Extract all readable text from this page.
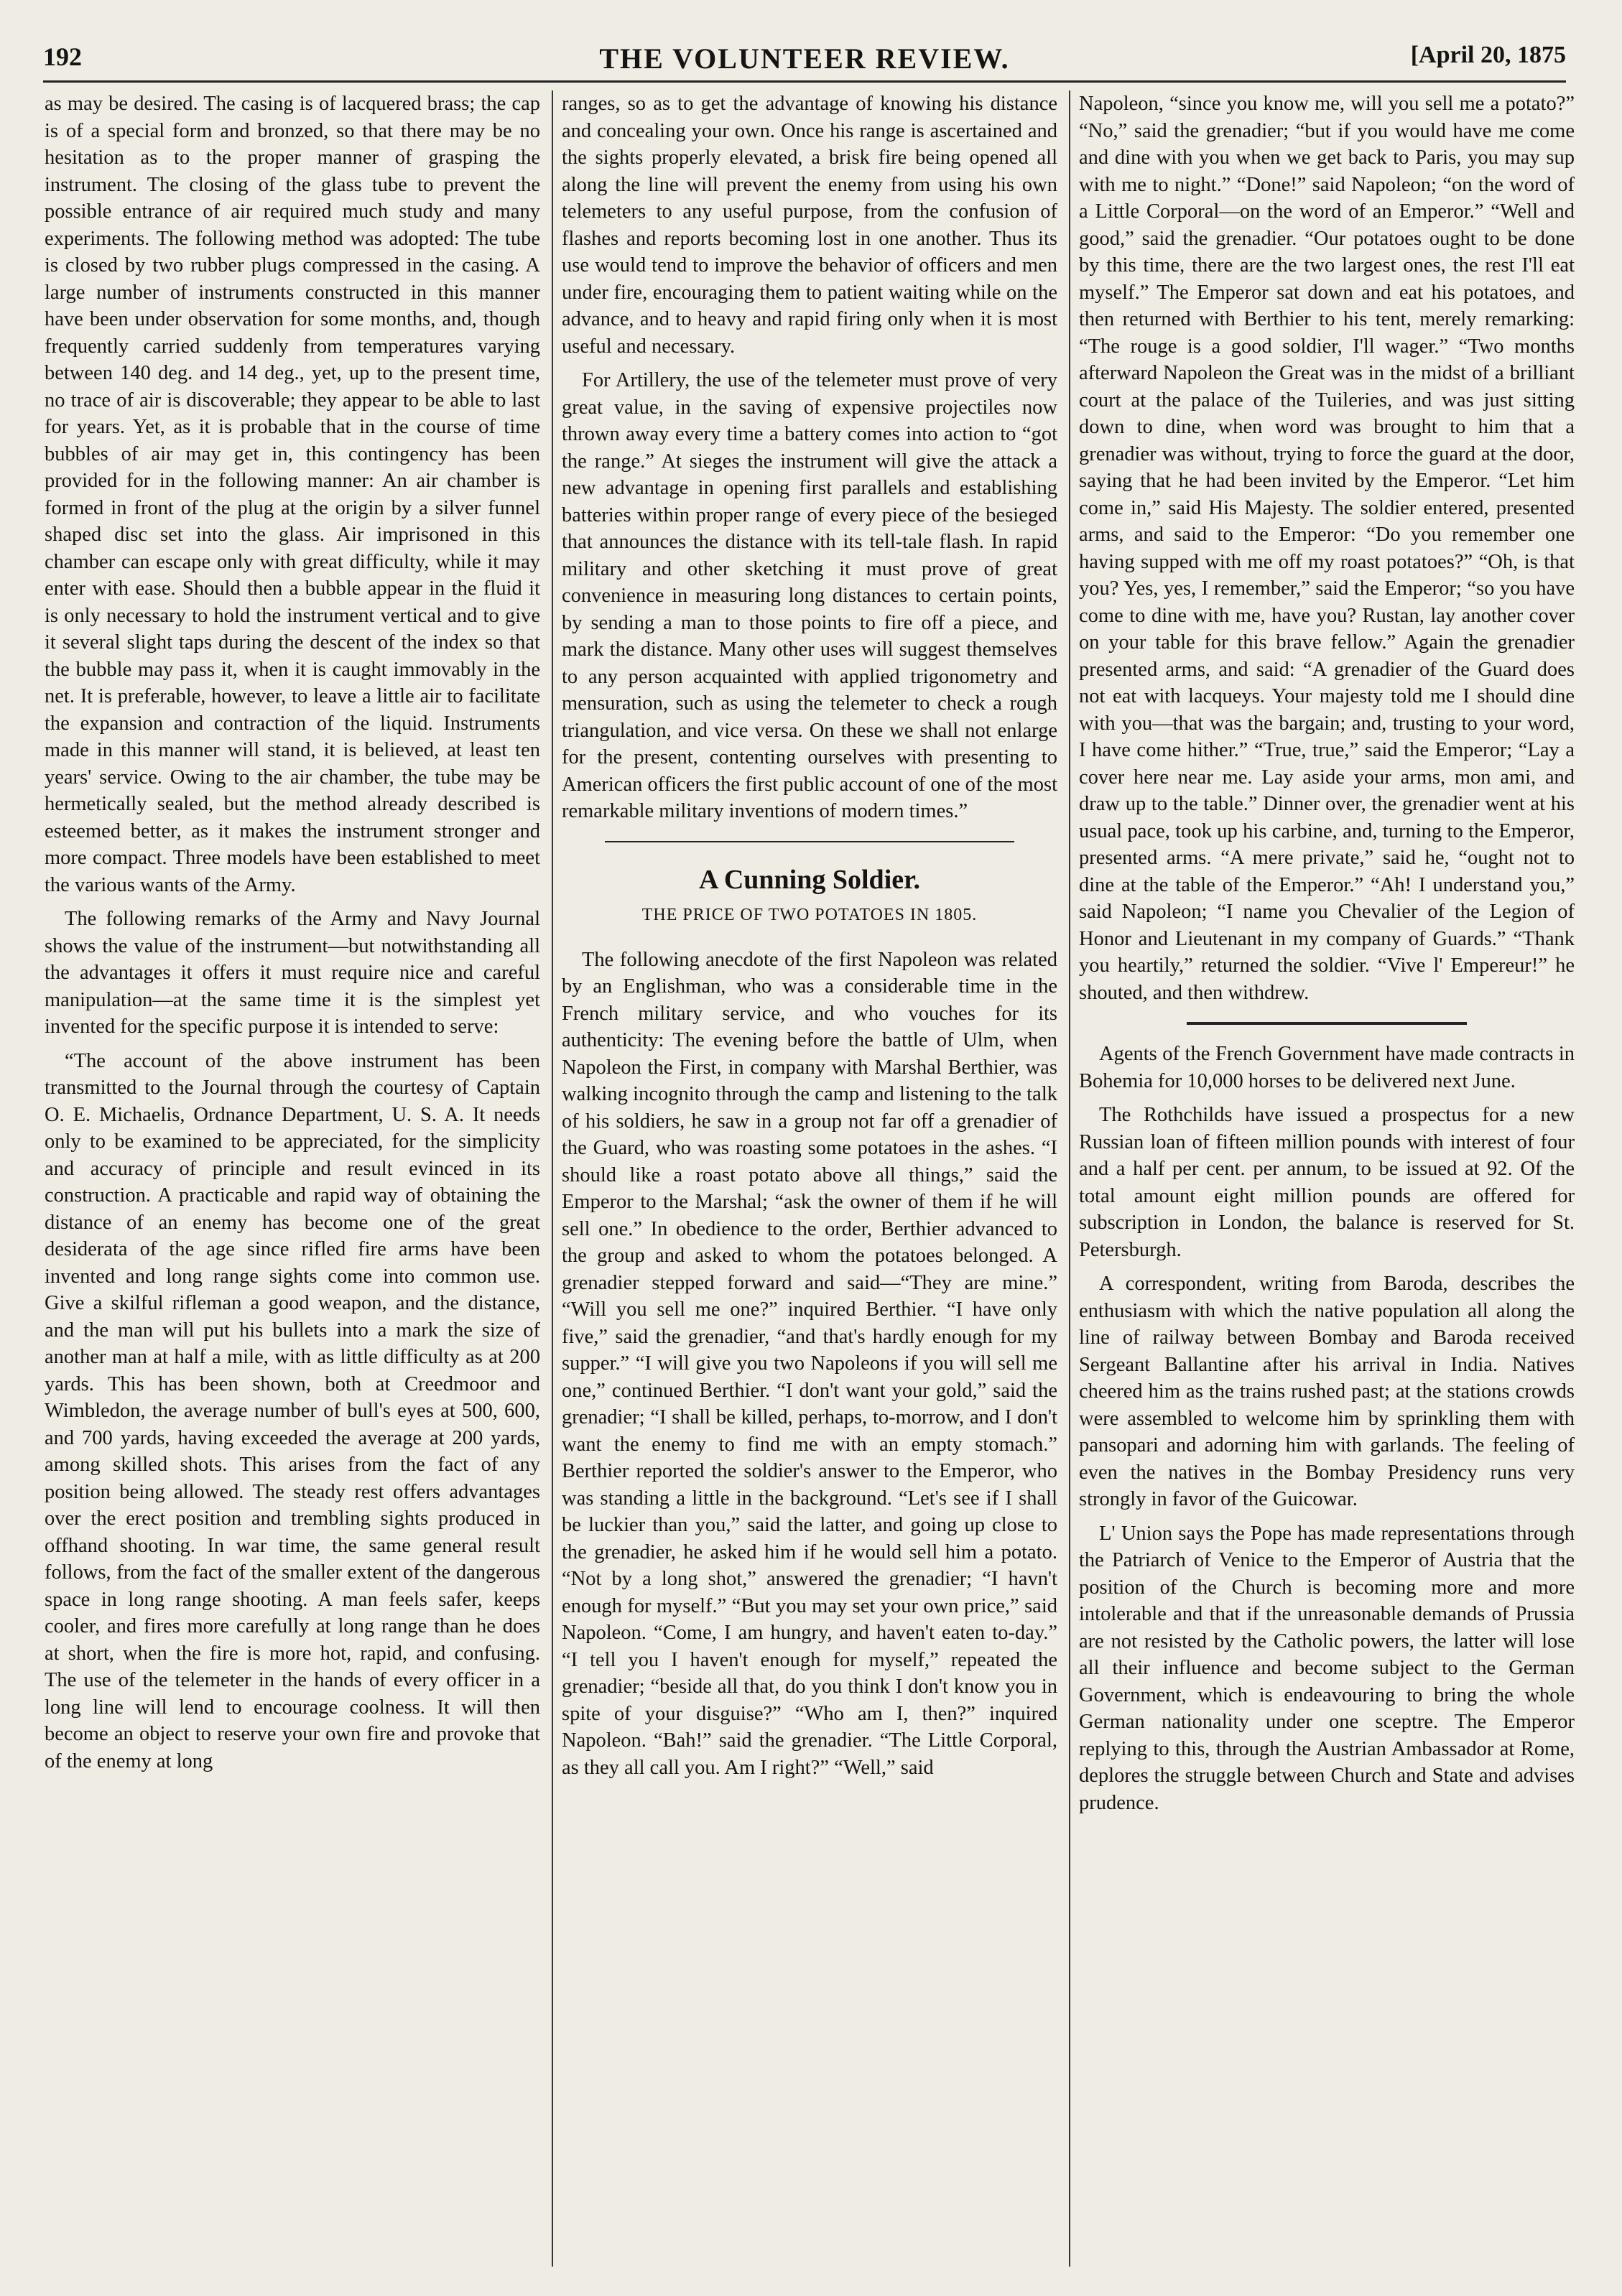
192	THE VOLUNTEER REVIEW.	[April 20, 1875

as may be desired. The casing is of lacquered brass; the cap is of a special form and bronzed, so that there may be no hesitation as to the proper manner of grasping the instrument. The closing of the glass tube to prevent the possible entrance of air required much study and many experiments. The following method was adopted: The tube is closed by two rubber plugs compressed in the casing. A large number of instruments constructed in this manner have been under observation for some months, and, though frequently carried suddenly from temperatures varying between 140 deg. and 14 deg., yet, up to the present time, no trace of air is discoverable; they appear to be able to last for years. Yet, as it is probable that in the course of time bubbles of air may get in, this contingency has been provided for in the following manner: An air chamber is formed in front of the plug at the origin by a silver funnel shaped disc set into the glass. Air imprisoned in this chamber can escape only with great difficulty, while it may enter with ease. Should then a bubble appear in the fluid it is only necessary to hold the instrument vertical and to give it several slight taps during the descent of the index so that the bubble may pass it, when it is caught immovably in the net. It is preferable, however, to leave a little air to facilitate the expansion and contraction of the liquid. Instruments made in this manner will stand, it is believed, at least ten years' service. Owing to the air chamber, the tube may be hermetically sealed, but the method already described is esteemed better, as it makes the instrument stronger and more compact. Three models have been established to meet the various wants of the Army.

The following remarks of the Army and Navy Journal shows the value of the instrument—but notwithstanding all the advantages it offers it must require nice and careful manipulation—at the same time it is the simplest yet invented for the specific purpose it is intended to serve:

“The account of the above instrument has been transmitted to the Journal through the courtesy of Captain O. E. Michaelis, Ordnance Department, U. S. A. It needs only to be examined to be appreciated, for the simplicity and accuracy of principle and result evinced in its construction. A practicable and rapid way of obtaining the distance of an enemy has become one of the great desiderata of the age since rifled fire arms have been invented and long range sights come into common use. Give a skilful rifleman a good weapon, and the distance, and the man will put his bullets into a mark the size of another man at half a mile, with as little difficulty as at 200 yards. This has been shown, both at Creedmoor and Wimbledon, the average number of bull's eyes at 500, 600, and 700 yards, having exceeded the average at 200 yards, among skilled shots. This arises from the fact of any position being allowed. The steady rest offers advantages over the erect position and trembling sights produced in offhand shooting. In war time, the same general result follows, from the fact of the smaller extent of the dangerous space in long range shooting. A man feels safer, keeps cooler, and fires more carefully at long range than he does at short, when the fire is more hot, rapid, and confusing. The use of the telemeter in the hands of every officer in a long line will lend to encourage coolness. It will then become an object to reserve your own fire and provoke that of the enemy at long

ranges, so as to get the advantage of knowing his distance and concealing your own. Once his range is ascertained and the sights properly elevated, a brisk fire being opened all along the line will prevent the enemy from using his own telemeters to any useful purpose, from the confusion of flashes and reports becoming lost in one another. Thus its use would tend to improve the behavior of officers and men under fire, encouraging them to patient waiting while on the advance, and to heavy and rapid firing only when it is most useful and necessary.

For Artillery, the use of the telemeter must prove of very great value, in the saving of expensive projectiles now thrown away every time a battery comes into action to “got the range.” At sieges the instrument will give the attack a new advantage in opening first parallels and establishing batteries within proper range of every piece of the besieged that announces the distance with its tell-tale flash. In rapid military and other sketching it must prove of great convenience in measuring long distances to certain points, by sending a man to those points to fire off a piece, and mark the distance. Many other uses will suggest themselves to any person acquainted with applied trigonometry and mensuration, such as using the telemeter to check a rough triangulation, and vice versa. On these we shall not enlarge for the present, contenting ourselves with presenting to American officers the first public account of one of the most remarkable military inventions of modern times.”

A Cunning Soldier.
THE PRICE OF TWO POTATOES IN 1805.

The following anecdote of the first Napoleon was related by an Englishman, who was a considerable time in the French military service, and who vouches for its authenticity: The evening before the battle of Ulm, when Napoleon the First, in company with Marshal Berthier, was walking incognito through the camp and listening to the talk of his soldiers, he saw in a group not far off a grenadier of the Guard, who was roasting some potatoes in the ashes. “I should like a roast potato above all things,” said the Emperor to the Marshal; “ask the owner of them if he will sell one.” In obedience to the order, Berthier advanced to the group and asked to whom the potatoes belonged. A grenadier stepped forward and said—“They are mine.” “Will you sell me one?” inquired Berthier. “I have only five,” said the grenadier, “and that's hardly enough for my supper.” “I will give you two Napoleons if you will sell me one,” continued Berthier. “I don't want your gold,” said the grenadier; “I shall be killed, perhaps, to-morrow, and I don't want the enemy to find me with an empty stomach.” Berthier reported the soldier's answer to the Emperor, who was standing a little in the background. “Let's see if I shall be luckier than you,” said the latter, and going up close to the grenadier, he asked him if he would sell him a potato. “Not by a long shot,” answered the grenadier; “I havn't enough for myself.” “But you may set your own price,” said Napoleon. “Come, I am hungry, and haven't eaten to-day.” “I tell you I haven't enough for myself,” repeated the grenadier; “beside all that, do you think I don't know you in spite of your disguise?” “Who am I, then?” inquired Napoleon. “Bah!” said the grenadier. “The Little Corporal, as they all call you. Am I right?” “Well,” said

Napoleon, “since you know me, will you sell me a potato?” “No,” said the grenadier; “but if you would have me come and dine with you when we get back to Paris, you may sup with me to night.” “Done!” said Napoleon; “on the word of a Little Corporal—on the word of an Emperor.” “Well and good,” said the grenadier. “Our potatoes ought to be done by this time, there are the two largest ones, the rest I'll eat myself.” The Emperor sat down and eat his potatoes, and then returned with Berthier to his tent, merely remarking: “The rouge is a good soldier, I'll wager.” “Two months afterward Napoleon the Great was in the midst of a brilliant court at the palace of the Tuileries, and was just sitting down to dine, when word was brought to him that a grenadier was without, trying to force the guard at the door, saying that he had been invited by the Emperor. “Let him come in,” said His Majesty. The soldier entered, presented arms, and said to the Emperor: “Do you remember one having supped with me off my roast potatoes?” “Oh, is that you? Yes, yes, I remember,” said the Emperor; “so you have come to dine with me, have you? Rustan, lay another cover on your table for this brave fellow.” Again the grenadier presented arms, and said: “A grenadier of the Guard does not eat with lacqueys. Your majesty told me I should dine with you—that was the bargain; and, trusting to your word, I have come hither.” “True, true,” said the Emperor; “Lay a cover here near me. Lay aside your arms, mon ami, and draw up to the table.” Dinner over, the grenadier went at his usual pace, took up his carbine, and, turning to the Emperor, presented arms. “A mere private,” said he, “ought not to dine at the table of the Emperor.” “Ah! I understand you,” said Napoleon; “I name you Chevalier of the Legion of Honor and Lieutenant in my company of Guards.” “Thank you heartily,” returned the soldier. “Vive l' Empereur!” he shouted, and then withdrew.

Agents of the French Government have made contracts in Bohemia for 10,000 horses to be delivered next June.

The Rothchilds have issued a prospectus for a new Russian loan of fifteen million pounds with interest of four and a half per cent. per annum, to be issued at 92. Of the total amount eight million pounds are offered for subscription in London, the balance is reserved for St. Petersburgh.

A correspondent, writing from Baroda, describes the enthusiasm with which the native population all along the line of railway between Bombay and Baroda received Sergeant Ballantine after his arrival in India. Natives cheered him as the trains rushed past; at the stations crowds were assembled to welcome him by sprinkling them with pansopari and adorning him with garlands. The feeling of even the natives in the Bombay Presidency runs very strongly in favor of the Guicowar.

L' Union says the Pope has made representations through the Patriarch of Venice to the Emperor of Austria that the position of the Church is becoming more and more intolerable and that if the unreasonable demands of Prussia are not resisted by the Catholic powers, the latter will lose all their influence and become subject to the German Government, which is endeavouring to bring the whole German nationality under one sceptre. The Emperor replying to this, through the Austrian Ambassador at Rome, deplores the struggle between Church and State and advises prudence.
